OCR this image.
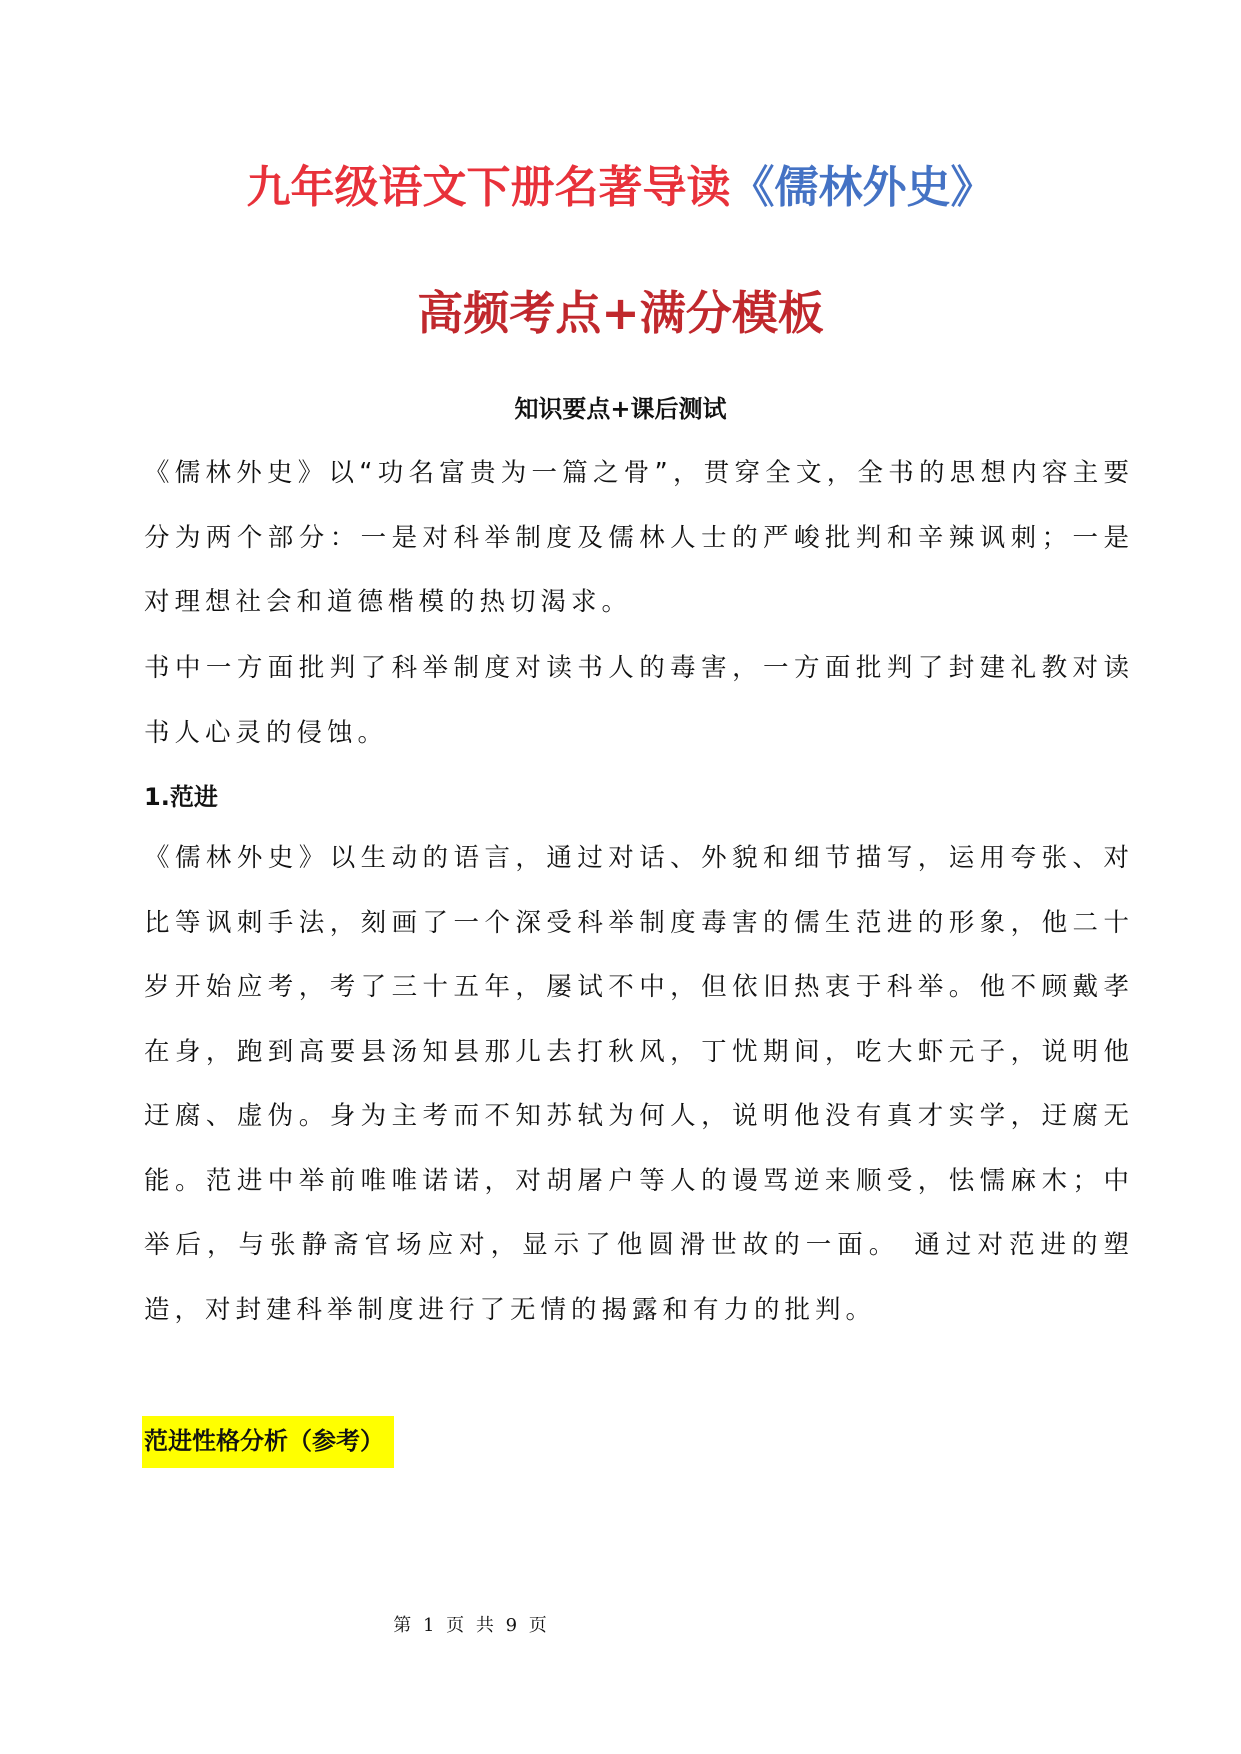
九年级语文下册名著导读《儒林外史》
高频考点+满分模板
知识要点+课后测试

《儒林外史》以“功名富贵为一篇之骨”，贯穿全文，全书的思想内容主要分为两个部分：一是对科举制度及儒林人士的严峻批判和辛辣讽刺；一是对理想社会和道德楷模的热切渴求。

书中一方面批判了科举制度对读书人的毒害，一方面批判了封建礼教对读书人心灵的侵蚀。

1.范进

《儒林外史》以生动的语言，通过对话、外貌和细节描写，运用夸张、对比等讽刺手法，刻画了一个深受科举制度毒害的儒生范进的形象，他二十岁开始应考，考了三十五年，屡试不中，但依旧热衷于科举。他不顾戴孝在身，跑到高要县汤知县那儿去打秋风，丁忧期间，吃大虾元子，说明他迂腐、虚伪。身为主考而不知苏轼为何人，说明他没有真才实学，迂腐无能。范进中举前唯唯诺诺，对胡屠户等人的谩骂逆来顺受，怯懦麻木；中举后，与张静斋官场应对，显示了他圆滑世故的一面。 通过对范进的塑造，对封建科举制度进行了无情的揭露和有力的批判。

范进性格分析（参考）
第 1 页 共 9 页
